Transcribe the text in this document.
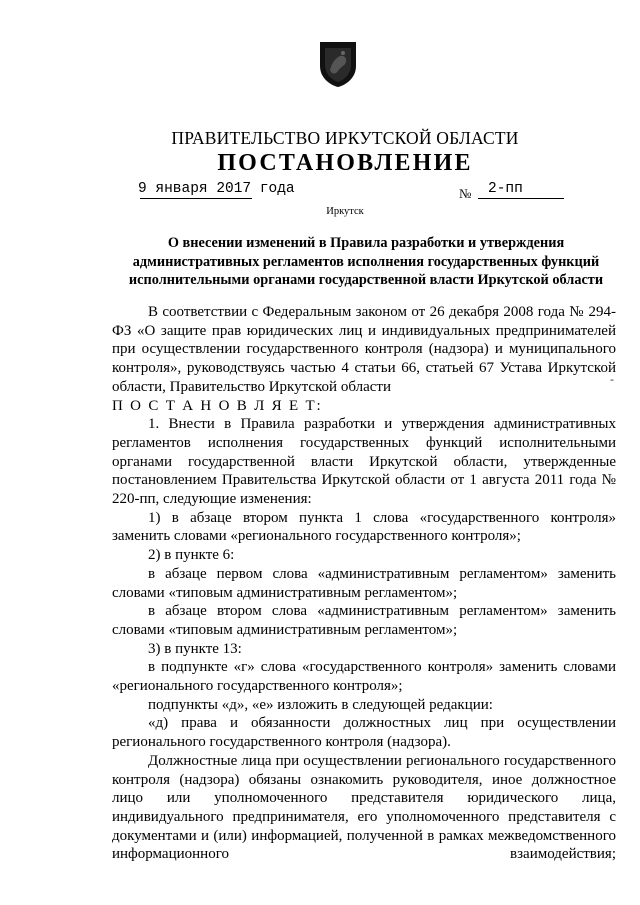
ПРАВИТЕЛЬСТВО ИРКУТСКОЙ ОБЛАСТИ
ПОСТАНОВЛЕНИЕ
9 января 2017 года	№ 2-пп
Иркутск
О внесении изменений в Правила разработки и утверждения административных регламентов исполнения государственных функций исполнительными органами государственной власти Иркутской области

В соответствии с Федеральным законом от 26 декабря 2008 года № 294-ФЗ «О защите прав юридических лиц и индивидуальных предпринимателей при осуществлении государственного контроля (надзора) и муниципального контроля», руководствуясь частью 4 статьи 66, статьей 67 Устава Иркутской области, Правительство Иркутской области

П О С Т А Н О В Л Я Е Т:

1. Внести в Правила разработки и утверждения административных регламентов исполнения государственных функций исполнительными органами государственной власти Иркутской области, утвержденные постановлением Правительства Иркутской области от 1 августа 2011 года № 220-пп, следующие изменения:

1) в абзаце втором пункта 1 слова «государственного контроля» заменить словами «регионального государственного контроля»;

2) в пункте 6:

в абзаце первом слова «административным регламентом» заменить словами «типовым административным регламентом»;

в абзаце втором слова «административным регламентом» заменить словами «типовым административным регламентом»;

3) в пункте 13:

в подпункте «г» слова «государственного контроля» заменить словами «регионального государственного контроля»;

подпункты «д», «е» изложить в следующей редакции:

«д) права и обязанности должностных лиц при осуществлении регионального государственного контроля (надзора).

Должностные лица при осуществлении регионального государственного контроля (надзора) обязаны ознакомить руководителя, иное должностное лицо или уполномоченного представителя юридического лица, индивидуального предпринимателя, его уполномоченного представителя с документами и (или) информацией, полученной в рамках межведомственного информационного взаимодействия;

-
